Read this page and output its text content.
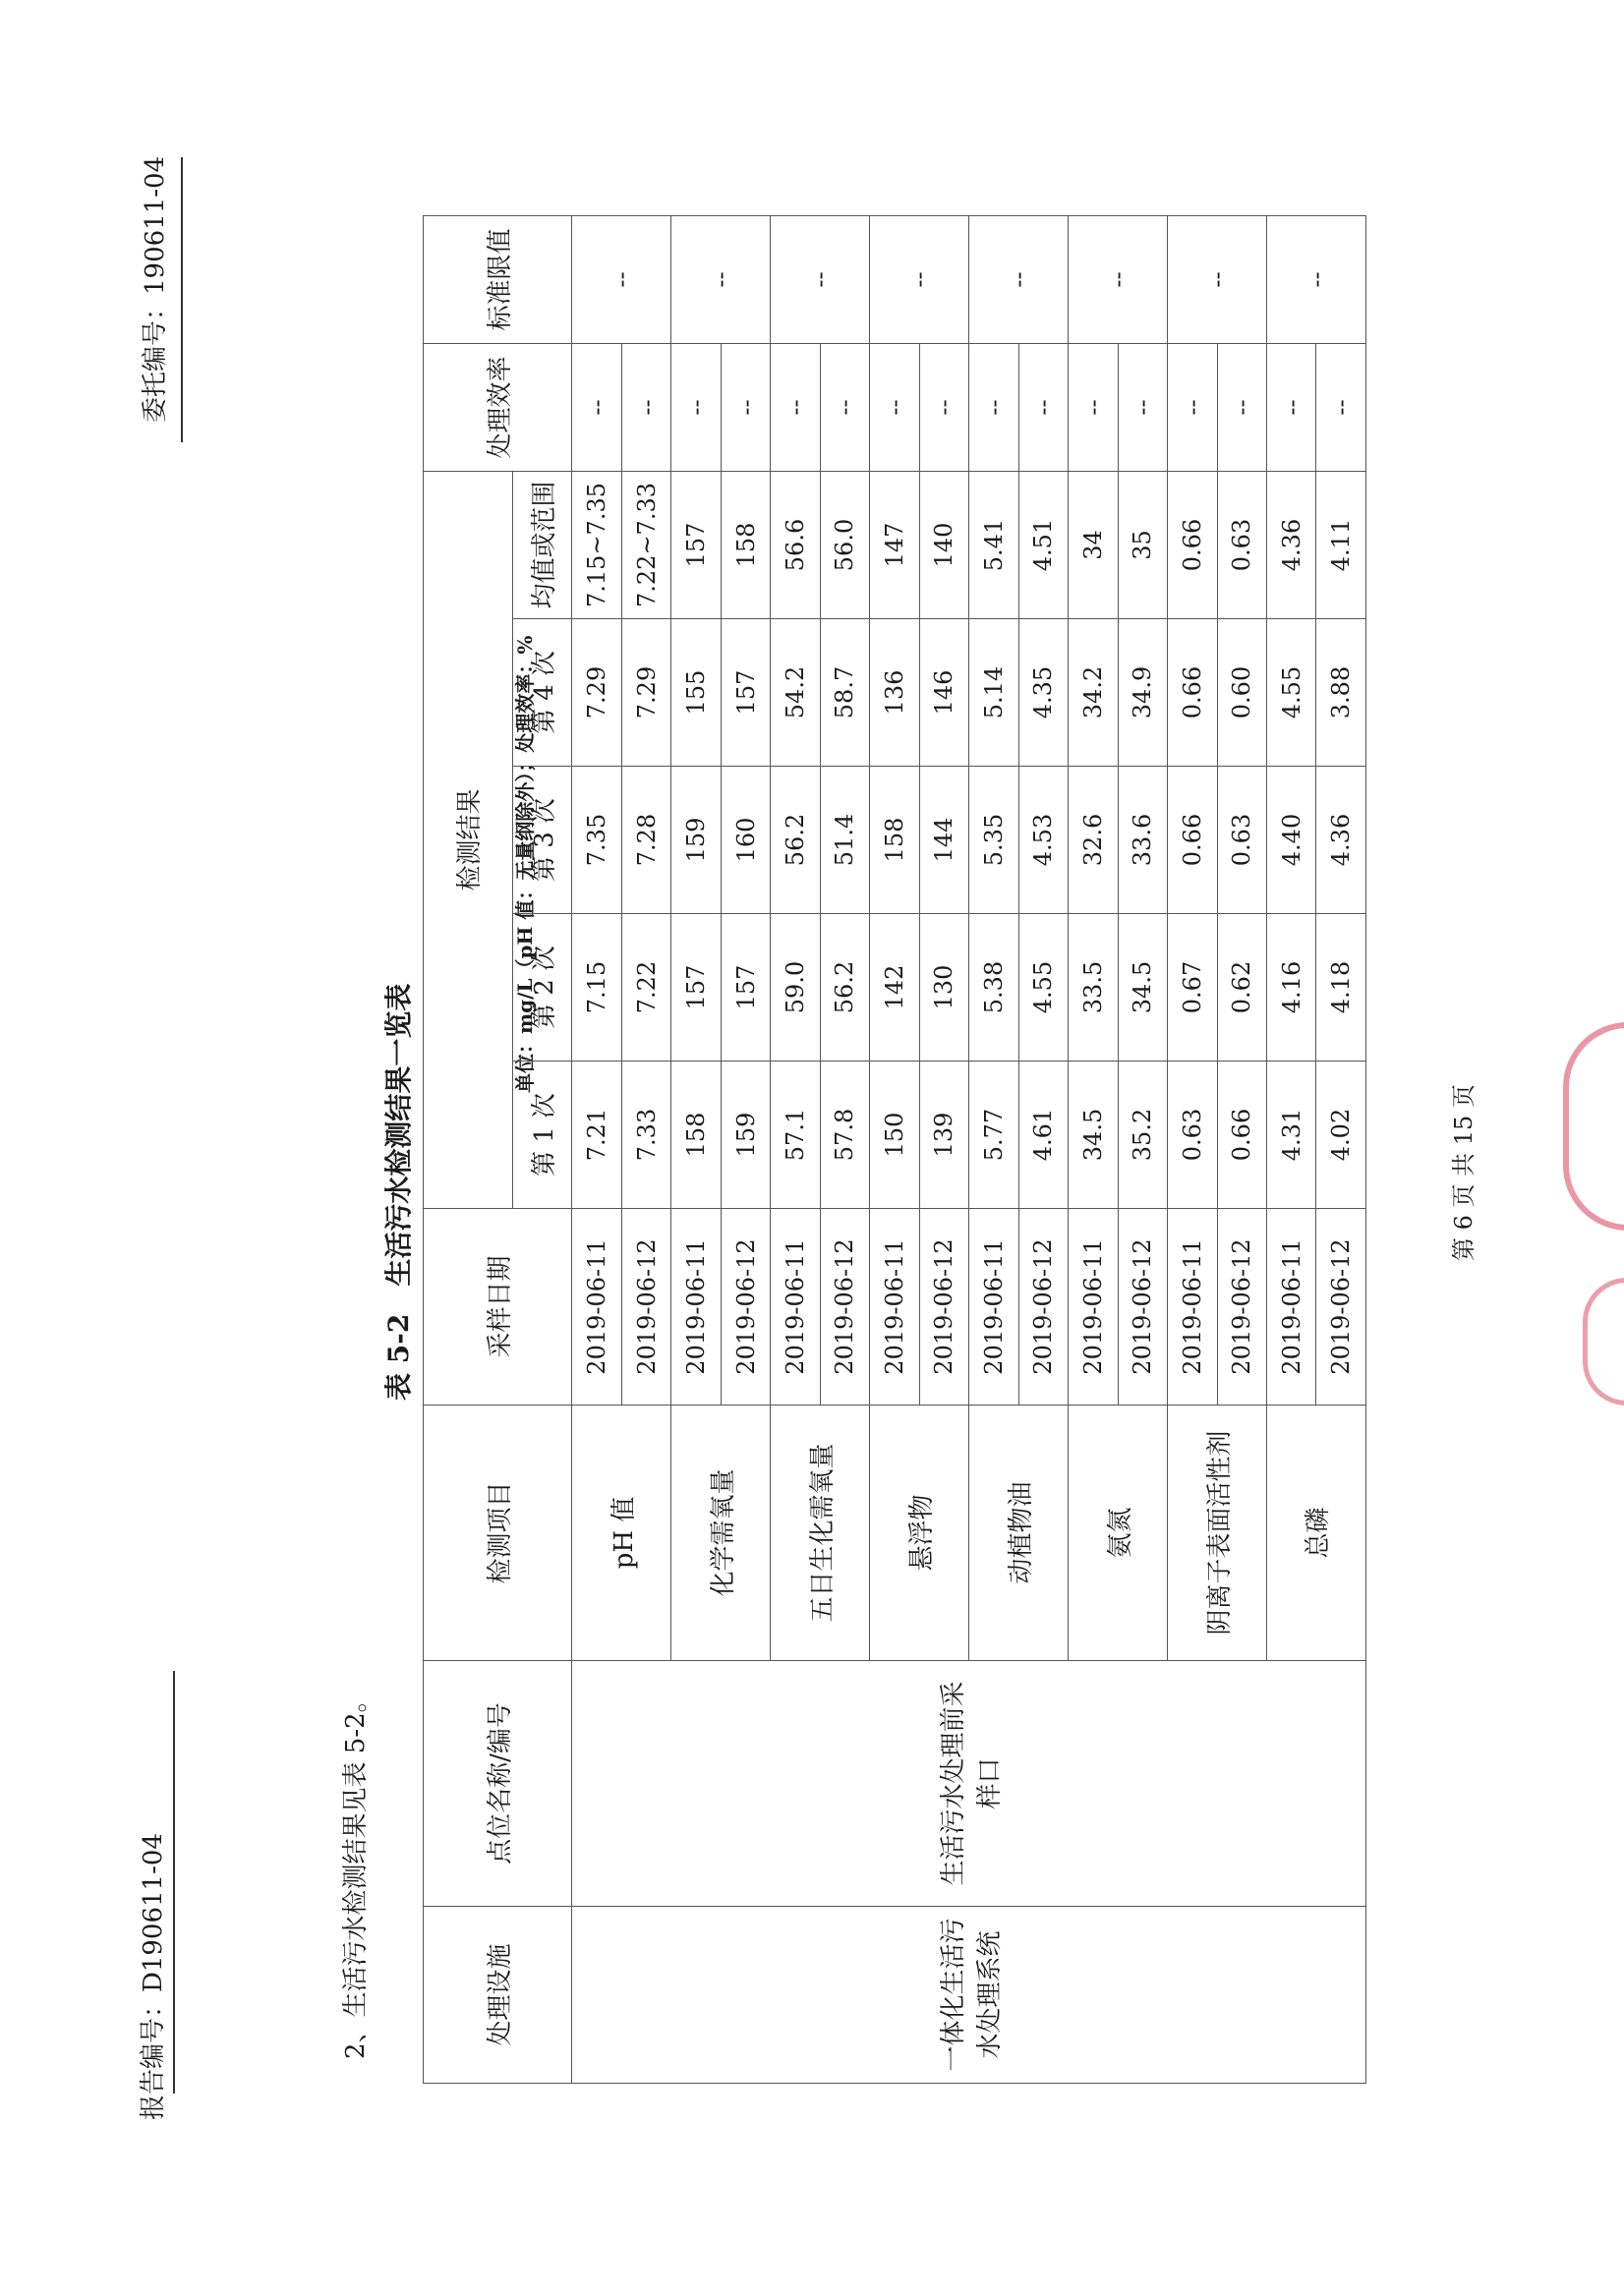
报告编号：D190611-04
委托编号：190611-04
2、生活污水检测结果见表 5-2。
表 5-2　生活污水检测结果一览表
单位：mg/L（pH 值：无量纲除外）；处理效率：%
处理设施	点位名称/编号	检测项目	采样日期	检测结果					处理效率	标准限值
				第 1 次	第 2 次	第 3 次	第 4 次	均值或范围		
一体化生活污水处理系统	生活污水处理前采样口	pH 值	2019-06-11	7.21	7.15	7.35	7.29	7.15~7.35	--	--
			2019-06-12	7.33	7.22	7.28	7.29	7.22~7.33	--	
		化学需氧量	2019-06-11	158	157	159	155	157	--	--
			2019-06-12	159	157	160	157	158	--	
		五日生化需氧量	2019-06-11	57.1	59.0	56.2	54.2	56.6	--	--
			2019-06-12	57.8	56.2	51.4	58.7	56.0	--	
		悬浮物	2019-06-11	150	142	158	136	147	--	--
			2019-06-12	139	130	144	146	140	--	
		动植物油	2019-06-11	5.77	5.38	5.35	5.14	5.41	--	--
			2019-06-12	4.61	4.55	4.53	4.35	4.51	--	
		氨氮	2019-06-11	34.5	33.5	32.6	34.2	34	--	--
			2019-06-12	35.2	34.5	33.6	34.9	35	--	
		阴离子表面活性剂	2019-06-11	0.63	0.67	0.66	0.66	0.66	--	--
			2019-06-12	0.66	0.62	0.63	0.60	0.63	--	
		总磷	2019-06-11	4.31	4.16	4.40	4.55	4.36	--	--
			2019-06-12	4.02	4.18	4.36	3.88	4.11	--	
第 6 页 共 15 页
